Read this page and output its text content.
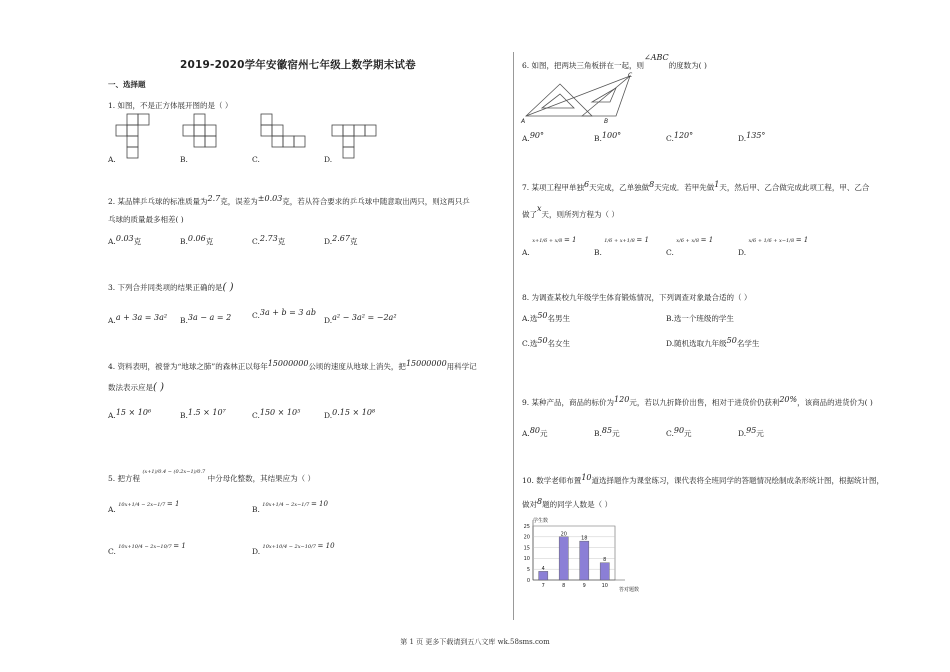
2019-2020学年安徽宿州七年级上数学期末试卷
一、选择题
1. 如图，不是正方体展开图的是（ ）
A.	B.	C.	D.
2. 某品牌乒乓球的标准质量为2.7克，误差为±0.03克，若从符合要求的乒乓球中随意取出两只，则这两只乒
乓球的质量最多相差( )
A.0.03克	B.0.06克	C.2.73克	D.2.67克
3. 下列合并同类项的结果正确的是( )
A.a + 3a = 3a² B.3a − a = 2	C.3a + b = 3 ab
D.a² − 3a² = −2a²
4. 资料表明，被誉为“地球之肺”的森林正以每年15000000公顷的速度从地球上消失，把15000000用科学记
数法表示应是( )
A.15 × 10⁶	B.1.5 × 10⁷	C.150 × 10⁵	D.0.15 × 10⁸
5. 把方程 $^{(x+1)/0.4 - (0.2x-1)/0.7}$ 中分母化整数，其结果应为（ ）
A. $^{10x+1/4 - 2x-1/7 = 1}$
B. $^{10x+1/4 - 2x-1/7 = 10}$
C. $^{10x+10/4 - 2x-10/7 = 1}$
D. $^{10x+10/4 - 2x-10/7 = 10}$
6. 如图，把两块三角板拼在一起，则∠ABC的度数为( )
A	B
C
A.90°	B.100°	C.120°	D.135°
7. 某项工程甲单独6天完成，乙单独做8天完成．若甲先做1天，然后甲、乙合做完成此项工程，甲、乙合
做了x天，则所列方程为（ ）
A. $^{x+1/6 + x/8 = 1}$
B. $^{1/6 + x+1/8 = 1}$
C. $^{x/6 + x/8 = 1}$
D. $^{x/6 + 1/6 + x-1/8 = 1}$
8. 为调查某校九年级学生体育锻炼情况，下列调查对象最合适的（ ）
A.选50名男生	B.选一个班级的学生
C.选50名女生	D.随机选取九年级50名学生
9. 某种产品，商品的标价为120元，若以九折降价出售，相对于进货价仍获利20%，该商品的进货价为( )
A.80元	B.85元	C.90元	D.95元
10. 数学老师布置10道选择题作为课堂练习，课代表将全班同学的答题情况绘制成条形统计图，根据统计图，
做对8题的同学人数是（ ）
学生数
答对题数
0
5
10
15
20
25
4
7
20
8
18
9
8
10
第 1 页 更多下载请到五八文库 wk.58sms.com
